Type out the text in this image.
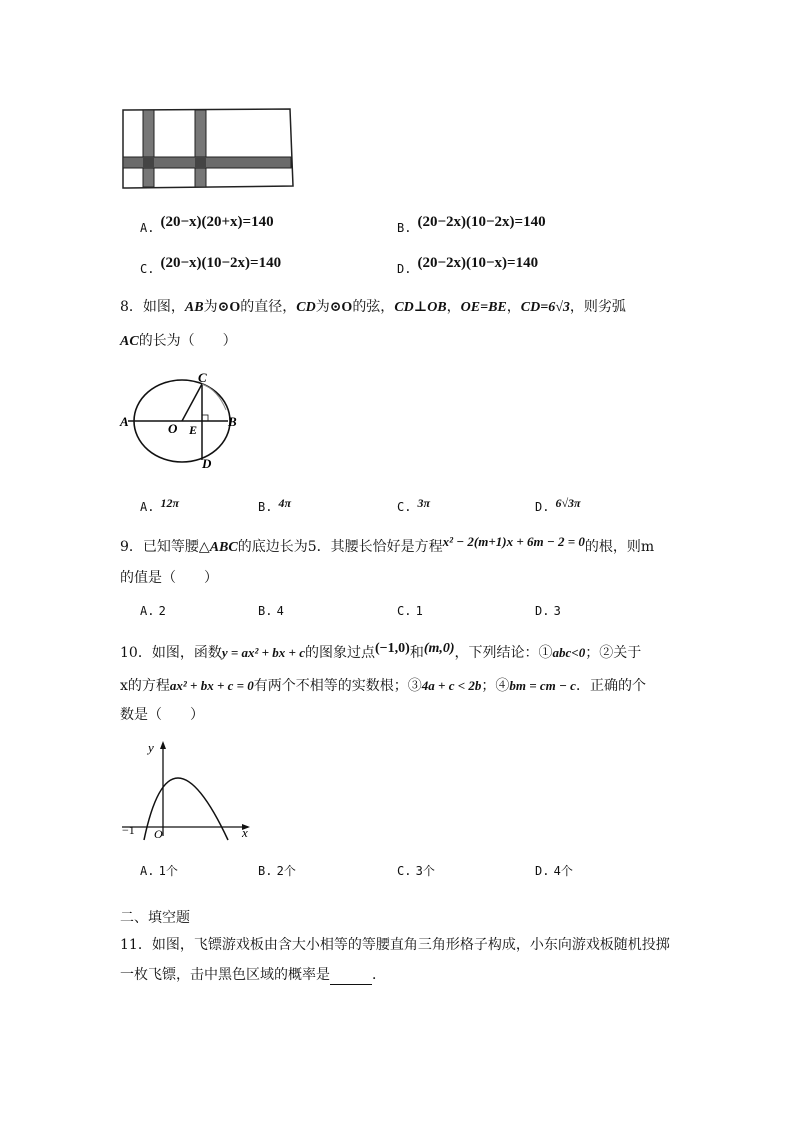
A. (20−x)(20+x)=140	B. (20−2x)(10−2x)=140
C. (20−x)(10−2x)=140	D. (20−2x)(10−x)=140
8．如图，AB为⊙O的直径，CD为⊙O的弦，CD⊥OB，OE=BE，CD=6√3，则劣弧
AC的长为（　　）
A	B
C
D
O E
A. 12π	B. 4π	C. 3π	D. 6√3π
9．已知等腰△ABC的底边长为5．其腰长恰好是方程x² − 2(m+1)x + 6m − 2 = 0的根，则m
的值是（　　）
A. 2	B. 4	C. 1	D. 3
10．如图，函数y = ax² + bx + c的图象过点(−1,0)和(m,0)，下列结论：①abc<0；②关于
x的方程ax² + bx + c = 0有两个不相等的实数根；③4a + c < 2b；④bm = cm − c．正确的个
数是（　　）
y
x
O
−1
A. 1个	B. 2个	C. 3个	D. 4个
二、填空题
11．如图，飞镖游戏板由含大小相等的等腰直角三角形格子构成，小东向游戏板随机投掷
一枚飞镖，击中黑色区域的概率是	．
